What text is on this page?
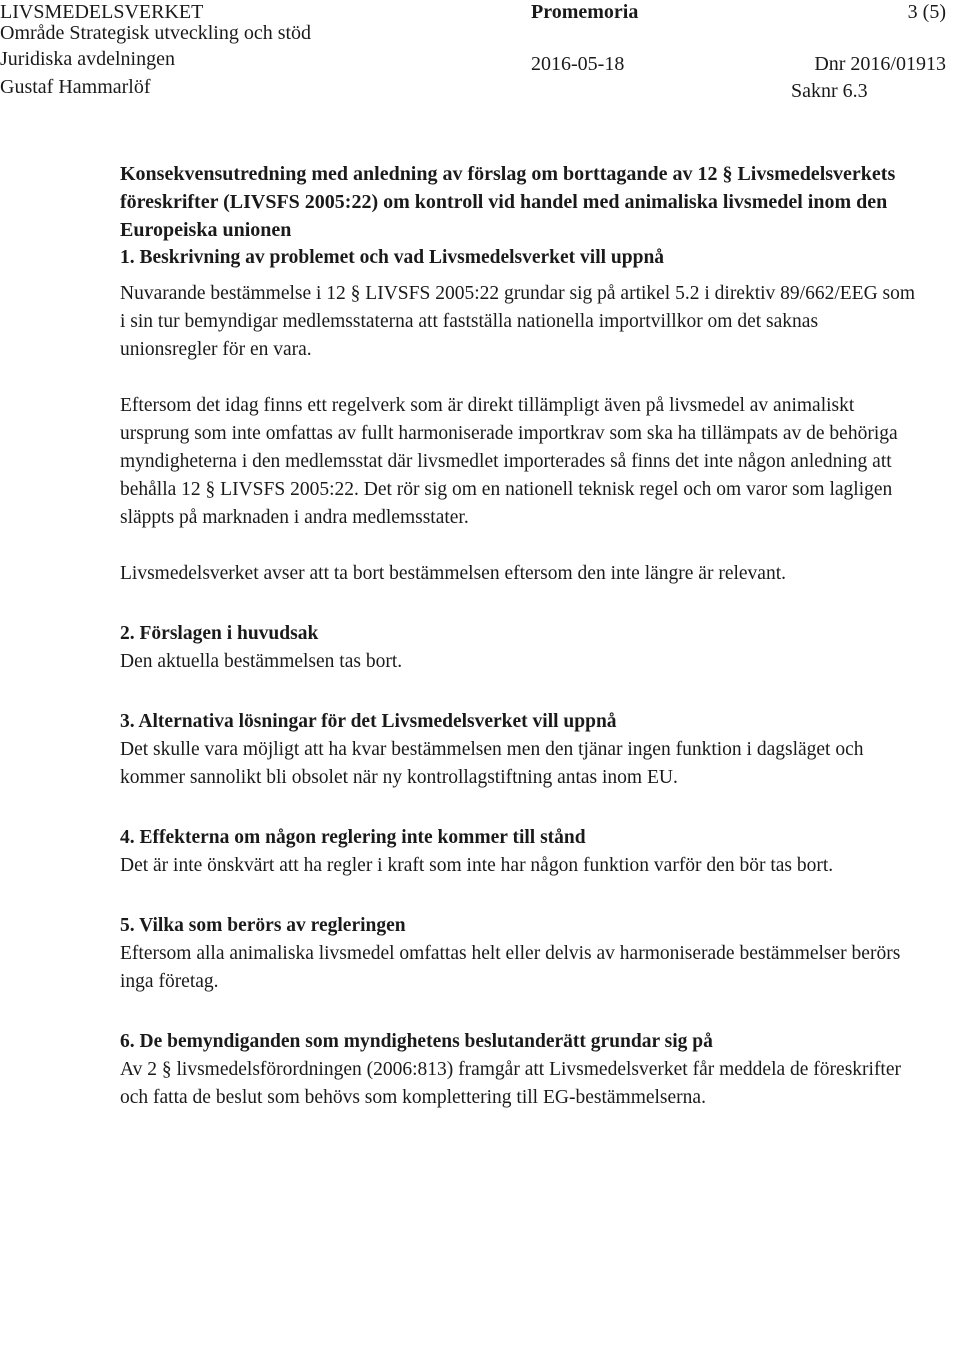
LIVSMEDELSVERKET
Område Strategisk utveckling och stöd
Juridiska avdelningen
Gustaf Hammarlöf
Promemoria	3 (5)
2016-05-18	Dnr 2016/01913
Saknr 6.3

Konsekvensutredning med anledning av förslag om borttagande av 12 § Livsmedelsverkets föreskrifter (LIVSFS 2005:22) om kontroll vid handel med animaliska livsmedel inom den Europeiska unionen

1. Beskrivning av problemet och vad Livsmedelsverket vill uppnå

Nuvarande bestämmelse i 12 § LIVSFS 2005:22 grundar sig på artikel 5.2 i direktiv 89/662/EEG som i sin tur bemyndigar medlemsstaterna att fastställa nationella importvillkor om det saknas unionsregler för en vara.

Eftersom det idag finns ett regelverk som är direkt tillämpligt även på livsmedel av animaliskt ursprung som inte omfattas av fullt harmoniserade importkrav som ska ha tillämpats av de behöriga myndigheterna i den medlemsstat där livsmedlet importerades så finns det inte någon anledning att behålla 12 § LIVSFS 2005:22. Det rör sig om en nationell teknisk regel och om varor som lagligen släppts på marknaden i andra medlemsstater.

Livsmedelsverket avser att ta bort bestämmelsen eftersom den inte längre är relevant.

2. Förslagen i huvudsak

Den aktuella bestämmelsen tas bort.

3. Alternativa lösningar för det Livsmedelsverket vill uppnå

Det skulle vara möjligt att ha kvar bestämmelsen men den tjänar ingen funktion i dagsläget och kommer sannolikt bli obsolet när ny kontrollagstiftning antas inom EU.

4. Effekterna om någon reglering inte kommer till stånd

Det är inte önskvärt att ha regler i kraft som inte har någon funktion varför den bör tas bort.

5. Vilka som berörs av regleringen

Eftersom alla animaliska livsmedel omfattas helt eller delvis av harmoniserade bestämmelser berörs inga företag.

6. De bemyndiganden som myndighetens beslutanderätt grundar sig på

Av 2 § livsmedelsförordningen (2006:813) framgår att Livsmedelsverket får meddela de föreskrifter och fatta de beslut som behövs som komplettering till EG-bestämmelserna.
